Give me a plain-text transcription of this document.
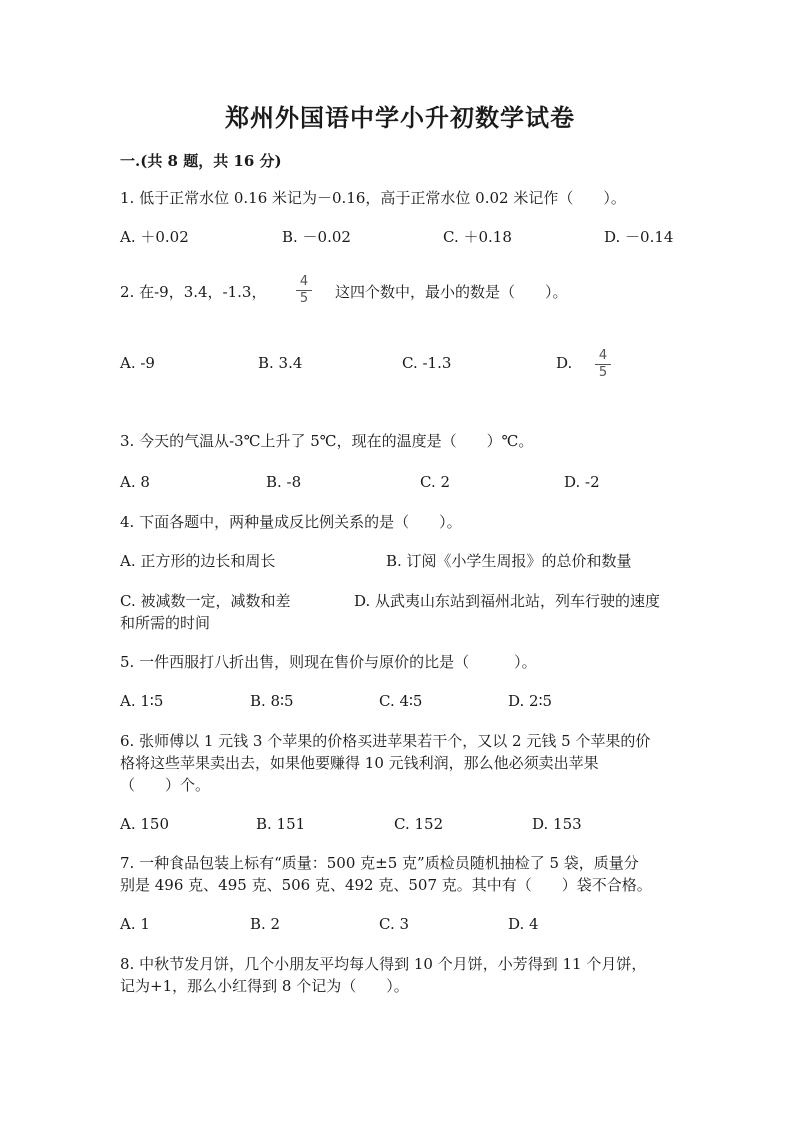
郑州外国语中学小升初数学试卷
一.(共 8 题，共 16 分)
1. 低于正常水位 0.16 米记为－0.16，高于正常水位 0.02 米记作（　　）。
A. ＋0.02	B. －0.02	C. ＋0.18	D. －0.14
2. 在-9，3.4，-1.3，
4
5 这四个数中，最小的数是（　　）。
A. -9	B. 3.4	C. -1.3	D. 4
5
3. 今天的气温从-3℃上升了 5℃，现在的温度是（　　）℃。
A. 8	B. -8	C. 2	D. -2
4. 下面各题中，两种量成反比例关系的是（　　）。
A. 正方形的边长和周长	B. 订阅《小学生周报》的总价和数量
C. 被减数一定，减数和差	D. 从武夷山东站到福州北站，列车行驶的速度
和所需的时间
5. 一件西服打八折出售，则现在售价与原价的比是（　　　）。
A. 1∶5	B. 8∶5	C. 4∶5	D. 2∶5
6. 张师傅以 1 元钱 3 个苹果的价格买进苹果若干个，又以 2 元钱 5 个苹果的价
格将这些苹果卖出去，如果他要赚得 10 元钱利润，那么他必须卖出苹果
（　　）个。
A. 150	B. 151	C. 152	D. 153
7. 一种食品包装上标有“质量：500 克±5 克”质检员随机抽检了 5 袋，质量分
别是 496 克、495 克、506 克、492 克、507 克。其中有（　　）袋不合格。
A. 1	B. 2	C. 3	D. 4
8. 中秋节发月饼，几个小朋友平均每人得到 10 个月饼，小芳得到 11 个月饼，
记为+1，那么小红得到 8 个记为（　　）。
